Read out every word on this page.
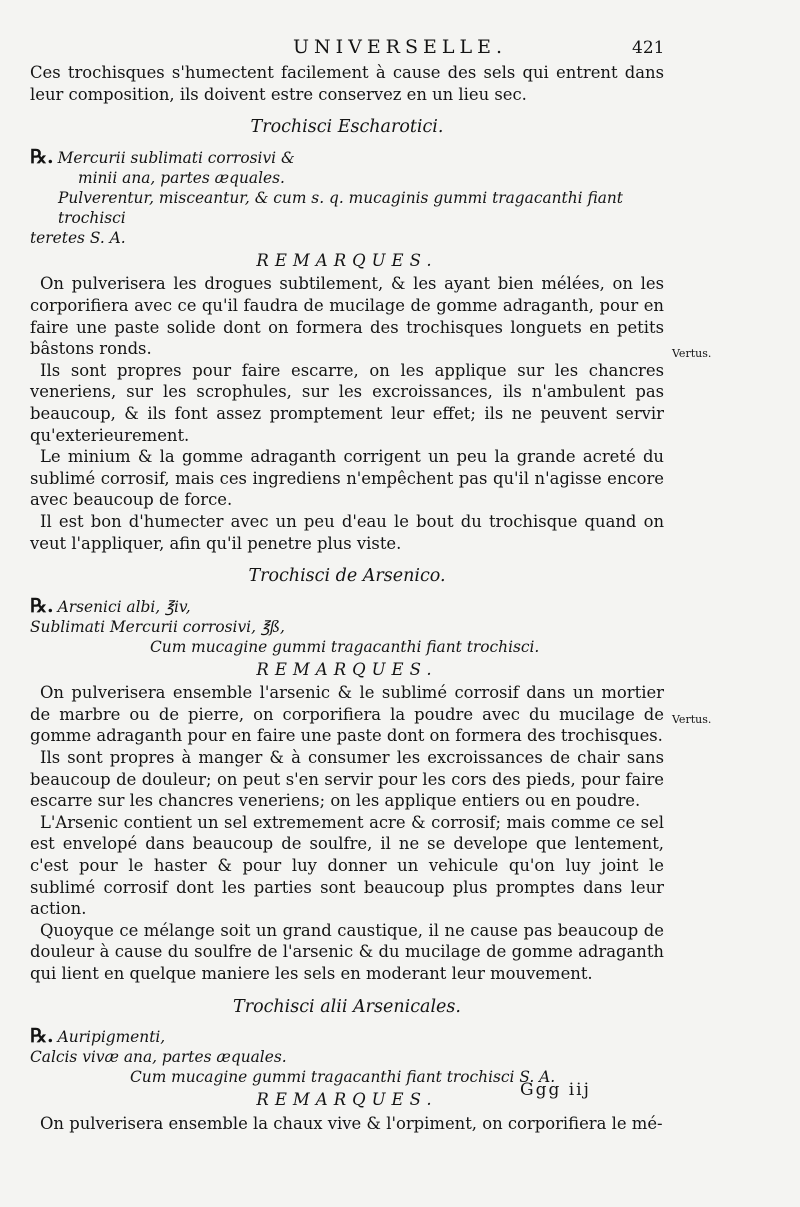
UNIVERSELLE.	421
Vertus.
Vertus.

Ces trochisques s'humectent facilement à cause des sels qui entrent dans leur composition, ils doivent estre conservez en un lieu sec.

Trochisci Escharotici.
℞. Mercurii sublimati corrosivi &
minii ana, partes æquales.
Pulverentur, misceantur, & cum s. q. mucaginis gummi tragacanthi fiant trochisci
teretes S. A.
REMARQUES.

On pulverisera les drogues subtilement, & les ayant bien mélées, on les corporifiera avec ce qu'il faudra de mucilage de gomme adraganth, pour en faire une paste solide dont on formera des trochisques longuets en petits bâstons ronds.

Ils sont propres pour faire escarre, on les applique sur les chancres veneriens, sur les scrophules, sur les excroissances, ils n'ambulent pas beaucoup, & ils font assez promptement leur effet; ils ne peuvent servir qu'exterieurement.

Le minium & la gomme adraganth corrigent un peu la grande acreté du sublimé corrosif, mais ces ingrediens n'empêchent pas qu'il n'agisse encore avec beaucoup de force.

Il est bon d'humecter avec un peu d'eau le bout du trochisque quand on veut l'appliquer, afin qu'il penetre plus viste.

Trochisci de Arsenico.
℞. Arsenici albi, ℥iv,
Sublimati Mercurii corrosivi, ℥ß,
Cum mucagine gummi tragacanthi fiant trochisci.
REMARQUES.

On pulverisera ensemble l'arsenic & le sublimé corrosif dans un mortier de marbre ou de pierre, on corporifiera la poudre avec du mucilage de gomme adraganth pour en faire une paste dont on formera des trochisques.

Ils sont propres à manger & à consumer les excroissances de chair sans beaucoup de douleur; on peut s'en servir pour les cors des pieds, pour faire escarre sur les chancres veneriens; on les applique entiers ou en poudre.

L'Arsenic contient un sel extremement acre & corrosif; mais comme ce sel est envelopé dans beaucoup de soulfre, il ne se develope que lentement, c'est pour le haster & pour luy donner un vehicule qu'on luy joint le sublimé corrosif dont les parties sont beaucoup plus promptes dans leur action.

Quoyque ce mélange soit un grand caustique, il ne cause pas beaucoup de douleur à cause du soulfre de l'arsenic & du mucilage de gomme adraganth qui lient en quelque maniere les sels en moderant leur mouvement.

Trochisci alii Arsenicales.
℞. Auripigmenti,
Calcis vivæ ana, partes æquales.
Cum mucagine gummi tragacanthi fiant trochisci S. A.
REMARQUES.

On pulverisera ensemble la chaux vive & l'orpiment, on corporifiera le mé-

Ggg iij
